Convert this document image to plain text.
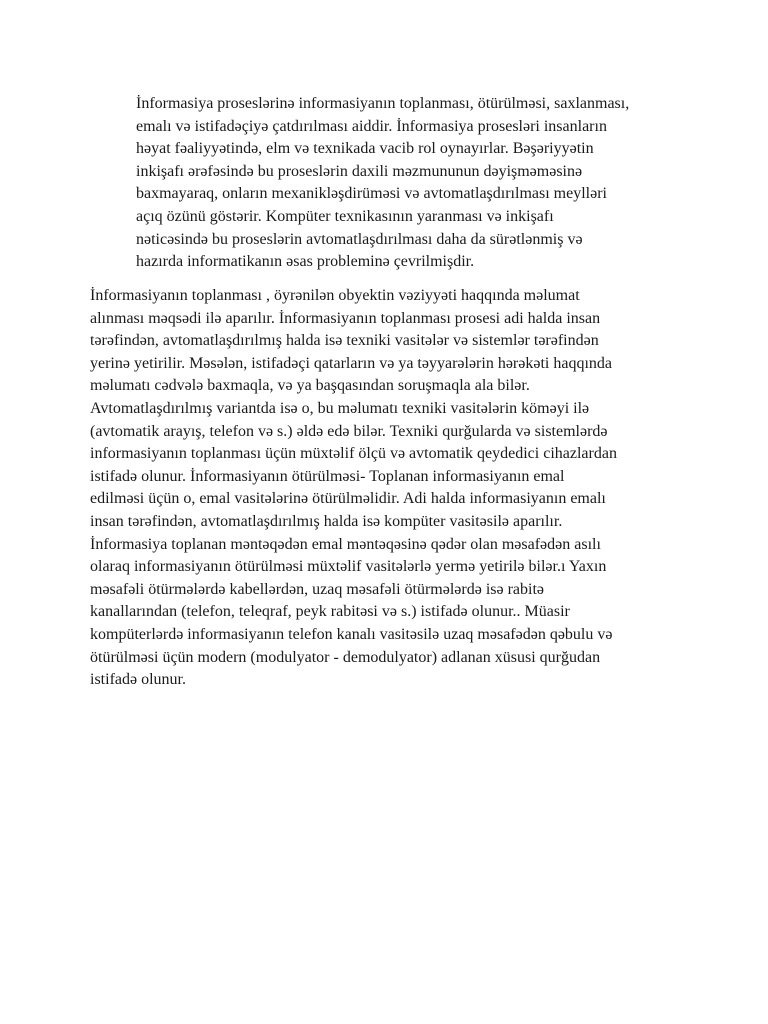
İnformasiya proseslərinə informasiyanın toplanması, ötürülməsi, saxlanması,
emalı və istifadəçiyə çatdırılması aiddir. İnformasiya prosesləri insanların
həyat fəaliyyətində, elm və texnikada vacib rol oynayırlar. Bəşəriyyətin
inkişafı ərəfəsində bu proseslərin daxili məzmununun dəyişməməsinə
baxmayaraq, onların mexanikləşdirüməsi və avtomatlaşdırılması meylləri
açıq özünü göstərir. Kompüter texnikasının yaranması və inkişafı
nəticəsində bu proseslərin avtomatlaşdırılması daha da sürətlənmiş və
hazırda informatikanın əsas probleminə çevrilmişdir.

İnformasiyanın toplanması , öyrənilən obyektin vəziyyəti haqqında məlumat
alınması məqsədi ilə aparılır. İnformasiyanın toplanması prosesi adi halda insan
tərəfindən, avtomatlaşdırılmış halda isə texniki vasitələr və sistemlər tərəfindən
yerinə yetirilir. Məsələn, istifadəçi qatarların və ya təyyarələrin hərəkəti haqqında
məlumatı cədvələ baxmaqla, və ya başqasından soruşmaqla ala bilər.
Avtomatlaşdırılmış variantda isə o, bu məlumatı texniki vasitələrin köməyi ilə
(avtomatik arayış, telefon və s.) əldə edə bilər. Texniki qurğularda və sistemlərdə
informasiyanın toplanması üçün müxtəlif ölçü və avtomatik qeydedici cihazlardan
istifadə olunur. İnformasiyanın ötürülməsi- Toplanan informasiyanın emal
edilməsi üçün o, emal vasitələrinə ötürülməlidir. Adi halda informasiyanın emalı
insan tərəfindən, avtomatlaşdırılmış halda isə kompüter vasitəsilə aparılır.
İnformasiya toplanan məntəqədən emal məntəqəsinə qədər olan məsafədən asılı
olaraq informasiyanın ötürülməsi müxtəlif vasitələrlə yermə yetirilə bilər.ı Yaxın
məsafəli ötürmələrdə kabellərdən, uzaq məsafəli ötürmələrdə isə rabitə
kanallarından (telefon, teleqraf, peyk rabitəsi və s.) istifadə olunur.. Müasir
kompüterlərdə informasiyanın telefon kanalı vasitəsilə uzaq məsafədən qəbulu və
ötürülməsi üçün modern (modulyator - demodulyator) adlanan xüsusi qurğudan
istifadə olunur.
